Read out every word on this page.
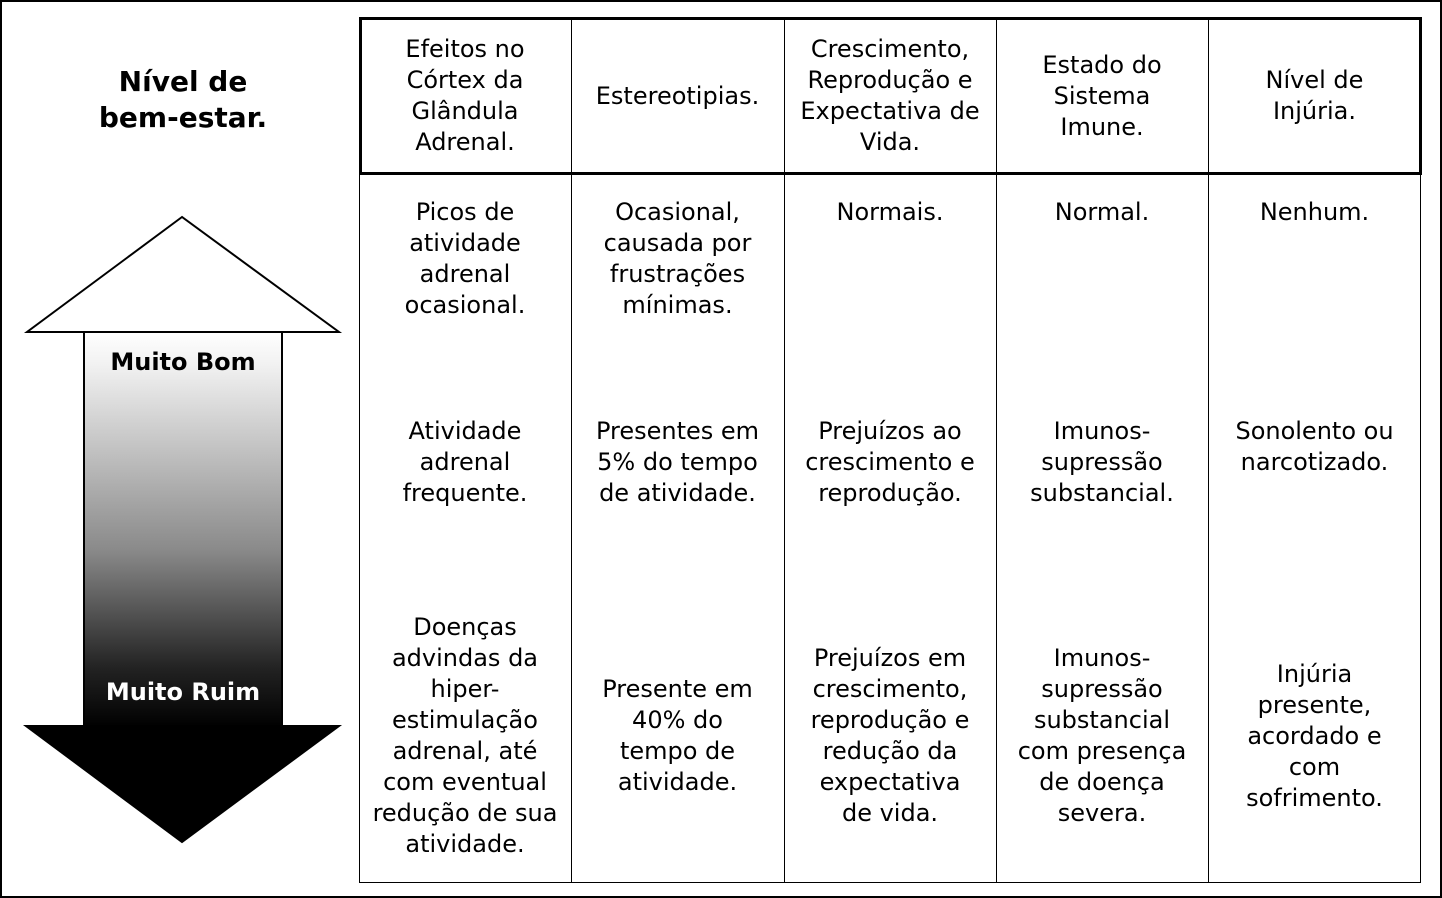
Nível de
bem-estar.
Muito Bom
Muito Ruim
Efeitos no
Córtex da
Glândula
Adrenal.
Estereotipias.
Crescimento,
Reprodução e
Expectativa de
Vida.
Estado do
Sistema
Imune.
Nível de
Injúria.
Picos de
atividade
adrenal
ocasional.
Ocasional,
causada por
frustrações
mínimas.
Normais.	Normal.	Nenhum.
Atividade
adrenal
frequente.
Presentes em
5% do tempo
de atividade.
Prejuízos ao
crescimento e
reprodução.
Imunos-
supressão
substancial.
Sonolento ou
narcotizado.
Doenças
advindas da
hiper-
estimulação
adrenal, até
com eventual
redução de sua
atividade.
Presente em
40% do
tempo de
atividade.
Prejuízos em
crescimento,
reprodução e
redução da
expectativa
de vida.
Imunos-
supressão
substancial
com presença
de doença
severa.
Injúria
presente,
acordado e
com
sofrimento.
